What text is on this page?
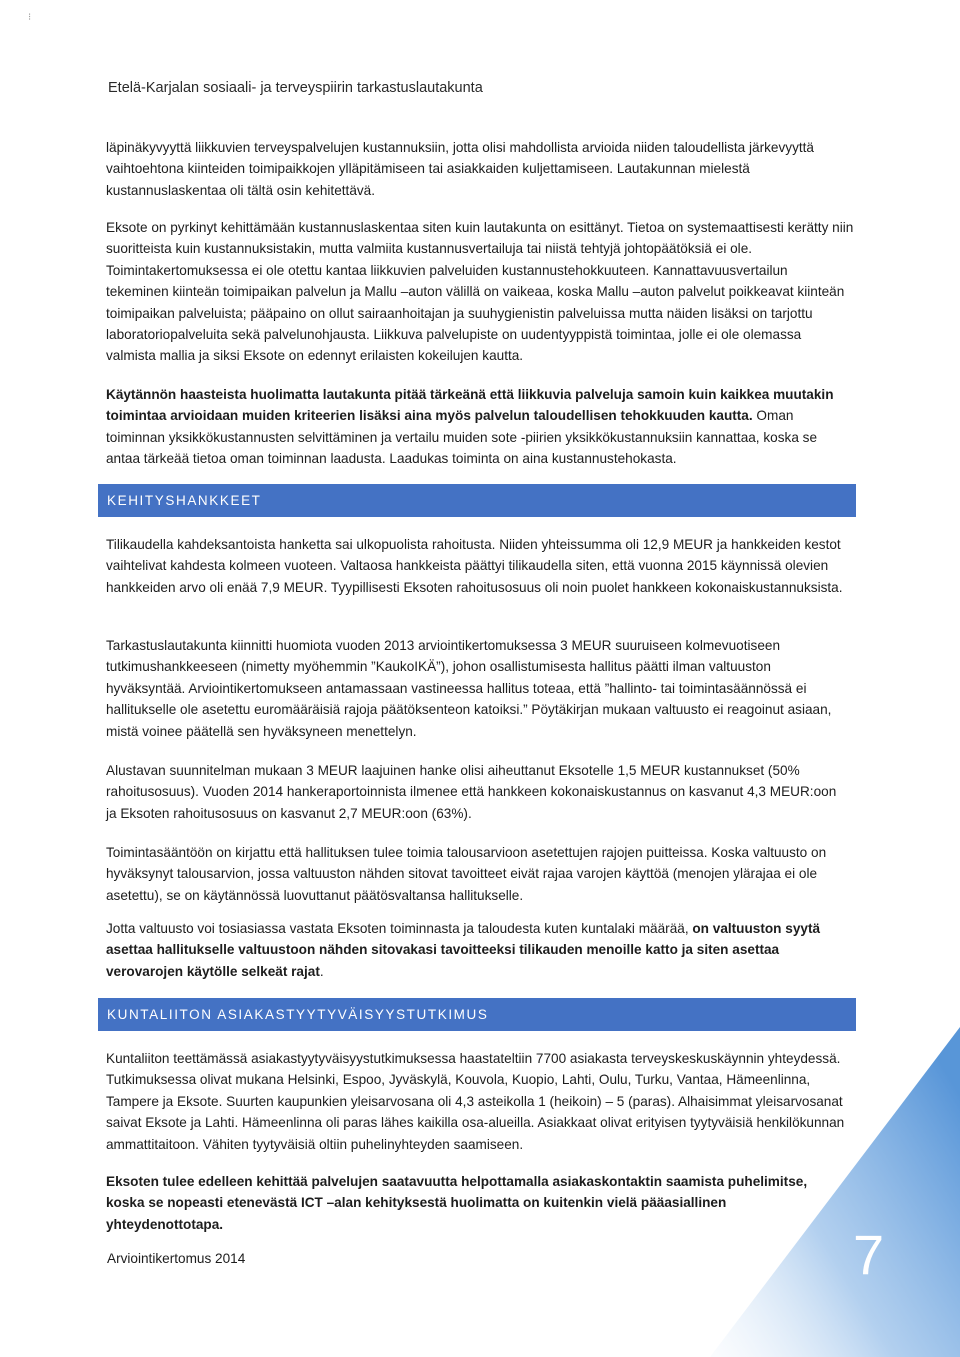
⁝
Etelä-Karjalan sosiaali- ja terveyspiirin tarkastuslautakunta

läpinäkyvyyttä liikkuvien terveyspalvelujen kustannuksiin, jotta olisi mahdollista arvioida niiden taloudellista järkevyyttä vaihtoehtona kiinteiden toimipaikkojen ylläpitämiseen tai asiakkaiden kuljettamiseen. Lautakunnan mielestä kustannuslaskentaa oli tältä osin kehitettävä.

Eksote on pyrkinyt kehittämään kustannuslaskentaa siten kuin lautakunta on esittänyt. Tietoa on systemaattisesti kerätty niin suoritteista kuin kustannuksistakin, mutta valmiita kustannusvertailuja tai niistä tehtyjä johtopäätöksiä ei ole. Toimintakertomuksessa ei ole otettu kantaa liikkuvien palveluiden kustannustehokkuuteen. Kannattavuusvertailun tekeminen kiinteän toimipaikan palvelun ja Mallu –auton välillä on vaikeaa, koska Mallu –auton palvelut poikkeavat kiinteän toimipaikan palveluista; pääpaino on ollut sairaanhoitajan ja suuhygienistin palveluissa mutta näiden lisäksi on tarjottu laboratoriopalveluita sekä palvelunohjausta. Liikkuva palvelupiste on uudentyyppistä toimintaa, jolle ei ole olemassa valmista mallia ja siksi Eksote on edennyt erilaisten kokeilujen kautta.

Käytännön haasteista huolimatta lautakunta pitää tärkeänä että liikkuvia palveluja samoin kuin kaikkea muutakin toimintaa arvioidaan muiden kriteerien lisäksi aina myös palvelun taloudellisen tehokkuuden kautta. Oman toiminnan yksikkökustannusten selvittäminen ja vertailu muiden sote -piirien yksikkökustannuksiin kannattaa, koska se antaa tärkeää tietoa oman toiminnan laadusta. Laadukas toiminta on aina kustannustehokasta.

KEHITYSHANKKEET
Tilikaudella kahdeksantoista hanketta sai ulkopuolista rahoitusta. Niiden yhteissumma oli 12,9 MEUR ja hankkeiden kestot vaihtelivat kahdesta kolmeen vuoteen. Valtaosa hankkeista päättyi tilikaudella siten, että vuonna 2015 käynnissä olevien hankkeiden arvo oli enää 7,9 MEUR. Tyypillisesti Eksoten rahoitusosuus oli noin puolet hankkeen kokonaiskustannuksista.
Tarkastuslautakunta kiinnitti huomiota vuoden 2013 arviointikertomuksessa 3 MEUR suuruiseen kolmevuotiseen tutkimushankkeeseen (nimetty myöhemmin ”KaukoIKÄ”), johon osallistumisesta hallitus päätti ilman valtuuston hyväksyntää. Arviointikertomukseen antamassaan vastineessa hallitus toteaa, että ”hallinto- tai toimintasäännössä ei hallitukselle ole asetettu euromääräisiä rajoja päätöksenteon katoiksi.” Pöytäkirjan mukaan valtuusto ei reagoinut asiaan, mistä voinee päätellä sen hyväksyneen menettelyn.
Alustavan suunnitelman mukaan 3 MEUR laajuinen hanke olisi aiheuttanut Eksotelle 1,5 MEUR kustannukset (50% rahoitusosuus). Vuoden 2014 hankeraportoinnista ilmenee että hankkeen kokonaiskustannus on kasvanut 4,3 MEUR:oon ja Eksoten rahoitusosuus on kasvanut 2,7 MEUR:oon (63%).
Toimintasääntöön on kirjattu että hallituksen tulee toimia talousarvioon asetettujen rajojen puitteissa. Koska valtuusto on hyväksynyt talousarvion, jossa valtuuston nähden sitovat tavoitteet eivät rajaa varojen käyttöä (menojen ylärajaa ei ole asetettu), se on käytännössä luovuttanut päätösvaltansa hallitukselle.
Jotta valtuusto voi tosiasiassa vastata Eksoten toiminnasta ja taloudesta kuten kuntalaki määrää, on valtuuston syytä asettaa hallitukselle valtuustoon nähden sitovakasi tavoitteeksi tilikauden menoille katto ja siten asettaa verovarojen käytölle selkeät rajat.
KUNTALIITON ASIAKASTYYTYVÄISYYSTUTKIMUS
Kuntaliiton teettämässä asiakastyytyväisyystutkimuksessa haastateltiin 7700 asiakasta terveyskeskuskäynnin yhteydessä. Tutkimuksessa olivat mukana Helsinki, Espoo, Jyväskylä, Kouvola, Kuopio, Lahti, Oulu, Turku, Vantaa, Hämeenlinna, Tampere ja Eksote. Suurten kaupunkien yleisarvosana oli 4,3 asteikolla 1 (heikoin) – 5 (paras). Alhaisimmat yleisarvosanat saivat Eksote ja Lahti. Hämeenlinna oli paras lähes kaikilla osa-alueilla. Asiakkaat olivat erityisen tyytyväisiä henkilökunnan ammattitaitoon. Vähiten tyytyväisiä oltiin puhelinyhteyden saamiseen.
Eksoten tulee edelleen kehittää palvelujen saatavuutta helpottamalla asiakaskontaktin saamista puhelimitse, koska se nopeasti etenevästä ICT –alan kehityksestä huolimatta on kuitenkin vielä pääasiallinen yhteydenottotapa.	7
Arviointikertomus 2014
